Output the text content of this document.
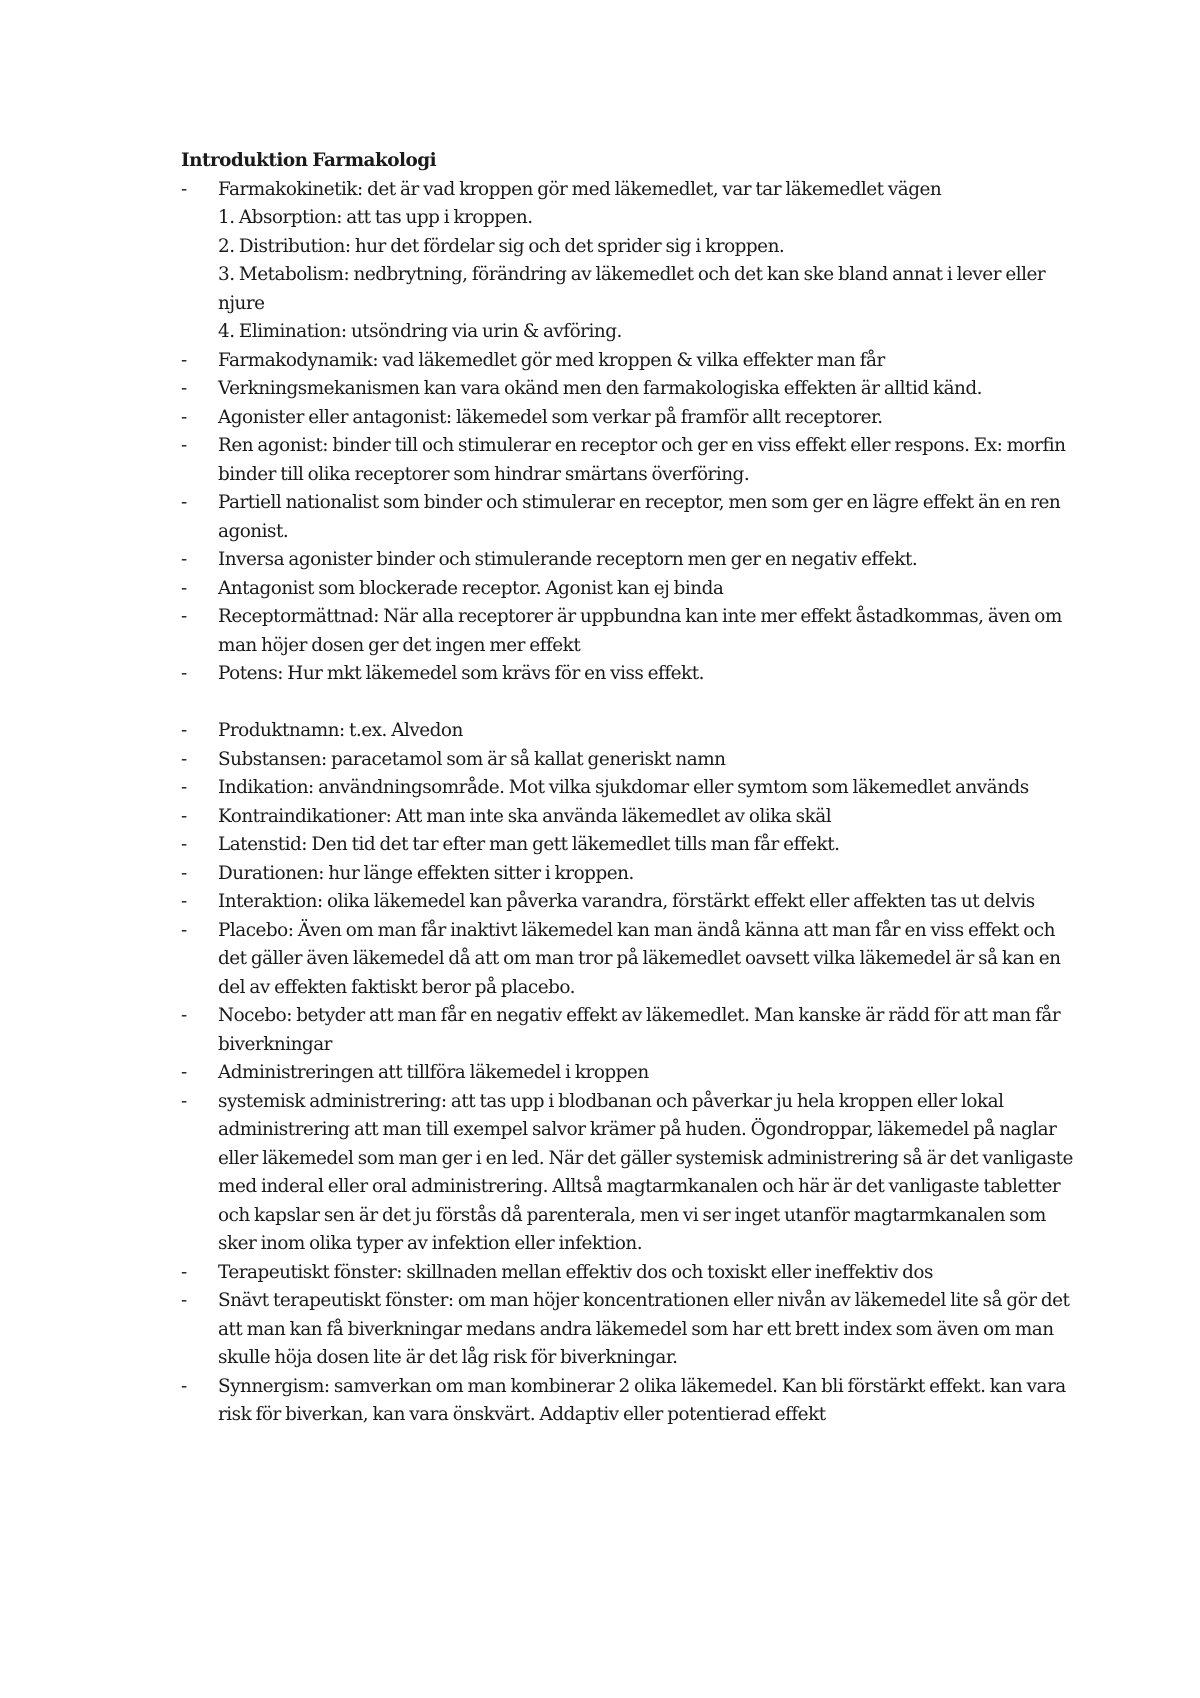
Introduktion Farmakologi

- Farmakokinetik: det är vad kroppen gör med läkemedlet, var tar läkemedlet vägen
1. Absorption: att tas upp i kroppen.
2. Distribution: hur det fördelar sig och det sprider sig i kroppen.
3. Metabolism: nedbrytning, förändring av läkemedlet och det kan ske bland annat i lever eller njure
4. Elimination: utsöndring via urin & avföring.
- Farmakodynamik: vad läkemedlet gör med kroppen & vilka effekter man får
- Verkningsmekanismen kan vara okänd men den farmakologiska effekten är alltid känd.
- Agonister eller antagonist: läkemedel som verkar på framför allt receptorer.
- Ren agonist: binder till och stimulerar en receptor och ger en viss effekt eller respons. Ex: morfin binder till olika receptorer som hindrar smärtans överföring.
- Partiell nationalist som binder och stimulerar en receptor, men som ger en lägre effekt än en ren agonist.
- Inversa agonister binder och stimulerande receptorn men ger en negativ effekt.
- Antagonist som blockerade receptor. Agonist kan ej binda
- Receptormättnad: När alla receptorer är uppbundna kan inte mer effekt åstadkommas, även om man höjer dosen ger det ingen mer effekt
- Potens: Hur mkt läkemedel som krävs för en viss effekt.
- Produktnamn: t.ex. Alvedon
- Substansen: paracetamol som är så kallat generiskt namn
- Indikation: användningsområde. Mot vilka sjukdomar eller symtom som läkemedlet används
- Kontraindikationer: Att man inte ska använda läkemedlet av olika skäl
- Latenstid: Den tid det tar efter man gett läkemedlet tills man får effekt.
- Durationen: hur länge effekten sitter i kroppen.
- Interaktion: olika läkemedel kan påverka varandra, förstärkt effekt eller affekten tas ut delvis
- Placebo: Även om man får inaktivt läkemedel kan man ändå känna att man får en viss effekt och det gäller även läkemedel då att om man tror på läkemedlet oavsett vilka läkemedel är så kan en del av effekten faktiskt beror på placebo.
- Nocebo: betyder att man får en negativ effekt av läkemedlet. Man kanske är rädd för att man får biverkningar
- Administreringen att tillföra läkemedel i kroppen
- systemisk administrering: att tas upp i blodbanan och påverkar ju hela kroppen eller lokal administrering att man till exempel salvor krämer på huden. Ögondroppar, läkemedel på naglar eller läkemedel som man ger i en led. När det gäller systemisk administrering så är det vanligaste med inderal eller oral administrering. Alltså magtarmkanalen och här är det vanligaste tabletter och kapslar sen är det ju förstås då parenterala, men vi ser inget utanför magtarmkanalen som sker inom olika typer av infektion eller infektion.
- Terapeutiskt fönster: skillnaden mellan effektiv dos och toxiskt eller ineffektiv dos
- Snävt terapeutiskt fönster: om man höjer koncentrationen eller nivån av läkemedel lite så gör det att man kan få biverkningar medans andra läkemedel som har ett brett index som även om man skulle höja dosen lite är det låg risk för biverkningar.
- Synnergism: samverkan om man kombinerar 2 olika läkemedel. Kan bli förstärkt effekt. kan vara risk för biverkan, kan vara önskvärt. Addaptiv eller potentierad effekt
